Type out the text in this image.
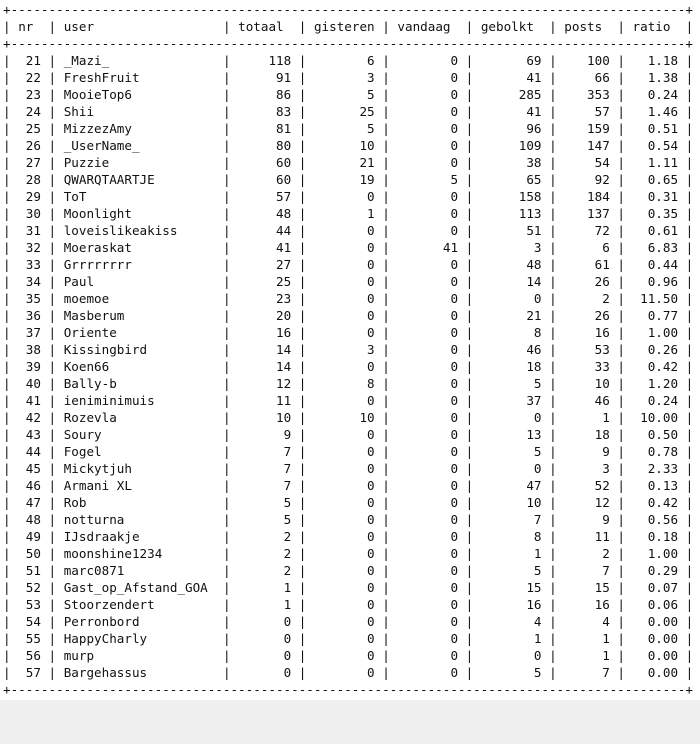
+-----------------------------------------------------------------------------------------+
| nr  | user                 | totaal  | gisteren | vandaag  | gebolkt  | posts  | ratio  |
+-----------------------------------------------------------------------------------------+
|  21 | _Mazi_               |     118 |        6 |        0 |       69 |    100 |   1.18 |
|  22 | FreshFruit           |      91 |        3 |        0 |       41 |     66 |   1.38 |
|  23 | MooieTop6            |      86 |        5 |        0 |      285 |    353 |   0.24 |
|  24 | Shii                 |      83 |       25 |        0 |       41 |     57 |   1.46 |
|  25 | MizzezAmy            |      81 |        5 |        0 |       96 |    159 |   0.51 |
|  26 | _UserName_           |      80 |       10 |        0 |      109 |    147 |   0.54 |
|  27 | Puzzie               |      60 |       21 |        0 |       38 |     54 |   1.11 |
|  28 | QWARQTAARTJE         |      60 |       19 |        5 |       65 |     92 |   0.65 |
|  29 | ToT                  |      57 |        0 |        0 |      158 |    184 |   0.31 |
|  30 | Moonlight            |      48 |        1 |        0 |      113 |    137 |   0.35 |
|  31 | loveislikeakiss      |      44 |        0 |        0 |       51 |     72 |   0.61 |
|  32 | Moeraskat            |      41 |        0 |       41 |        3 |      6 |   6.83 |
|  33 | Grrrrrrrr            |      27 |        0 |        0 |       48 |     61 |   0.44 |
|  34 | Paul                 |      25 |        0 |        0 |       14 |     26 |   0.96 |
|  35 | moemoe               |      23 |        0 |        0 |        0 |      2 |  11.50 |
|  36 | Masberum             |      20 |        0 |        0 |       21 |     26 |   0.77 |
|  37 | Oriente              |      16 |        0 |        0 |        8 |     16 |   1.00 |
|  38 | Kissingbird          |      14 |        3 |        0 |       46 |     53 |   0.26 |
|  39 | Koen66               |      14 |        0 |        0 |       18 |     33 |   0.42 |
|  40 | Bally-b              |      12 |        8 |        0 |        5 |     10 |   1.20 |
|  41 | ieniminimuis         |      11 |        0 |        0 |       37 |     46 |   0.24 |
|  42 | Rozevla              |      10 |       10 |        0 |        0 |      1 |  10.00 |
|  43 | Soury                |       9 |        0 |        0 |       13 |     18 |   0.50 |
|  44 | Fogel                |       7 |        0 |        0 |        5 |      9 |   0.78 |
|  45 | Mickytjuh            |       7 |        0 |        0 |        0 |      3 |   2.33 |
|  46 | Armani XL            |       7 |        0 |        0 |       47 |     52 |   0.13 |
|  47 | Rob                  |       5 |        0 |        0 |       10 |     12 |   0.42 |
|  48 | notturna             |       5 |        0 |        0 |        7 |      9 |   0.56 |
|  49 | IJsdraakje           |       2 |        0 |        0 |        8 |     11 |   0.18 |
|  50 | moonshine1234        |       2 |        0 |        0 |        1 |      2 |   1.00 |
|  51 | marc0871             |       2 |        0 |        0 |        5 |      7 |   0.29 |
|  52 | Gast_op_Afstand_GOA  |       1 |        0 |        0 |       15 |     15 |   0.07 |
|  53 | Stoorzendert         |       1 |        0 |        0 |       16 |     16 |   0.06 |
|  54 | Perronbord           |       0 |        0 |        0 |        4 |      4 |   0.00 |
|  55 | HappyCharly          |       0 |        0 |        0 |        1 |      1 |   0.00 |
|  56 | murp                 |       0 |        0 |        0 |        0 |      1 |   0.00 |
|  57 | Bargehassus          |       0 |        0 |        0 |        5 |      7 |   0.00 |
+-----------------------------------------------------------------------------------------+
